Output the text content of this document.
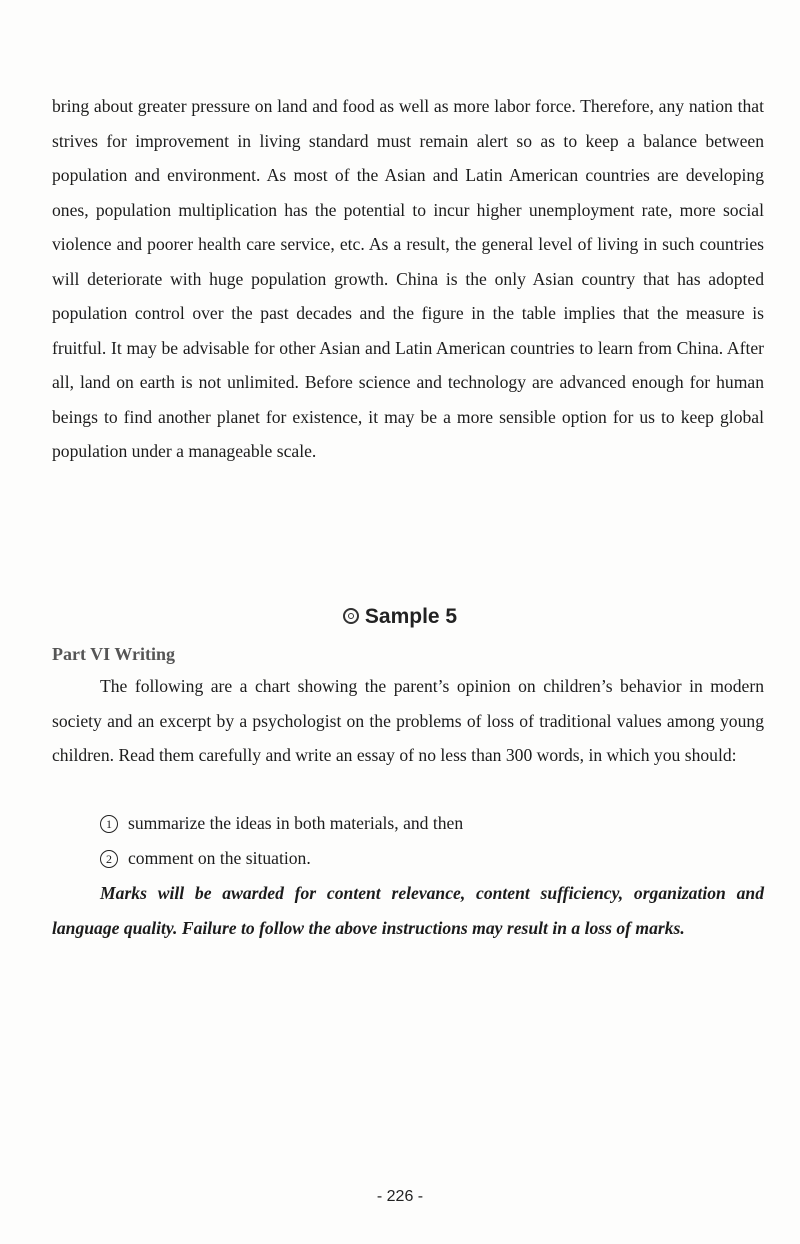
bring about greater pressure on land and food as well as more labor force. Therefore, any nation that strives for improvement in living standard must remain alert so as to keep a balance between population and environment. As most of the Asian and Latin American countries are developing ones, population multiplication has the potential to incur higher unemployment rate, more social violence and poorer health care service, etc. As a result, the general level of living in such countries will deteriorate with huge population growth. China is the only Asian country that has adopted population control over the past decades and the figure in the table implies that the measure is fruitful. It may be advisable for other Asian and Latin American countries to learn from China. After all, land on earth is not unlimited. Before science and technology are advanced enough for human beings to find another planet for existence, it may be a more sensible option for us to keep global population under a manageable scale.

Sample 5
Part VI Writing

The following are a chart showing the parent’s opinion on children’s behavior in modern society and an excerpt by a psychologist on the problems of loss of traditional values among young children. Read them carefully and write an essay of no less than 300 words, in which you should:

1 summarize the ideas in both materials, and then

2 comment on the situation.

Marks will be awarded for content relevance, content sufficiency, organization and language quality. Failure to follow the above instructions may result in a loss of marks.

- 226 -
